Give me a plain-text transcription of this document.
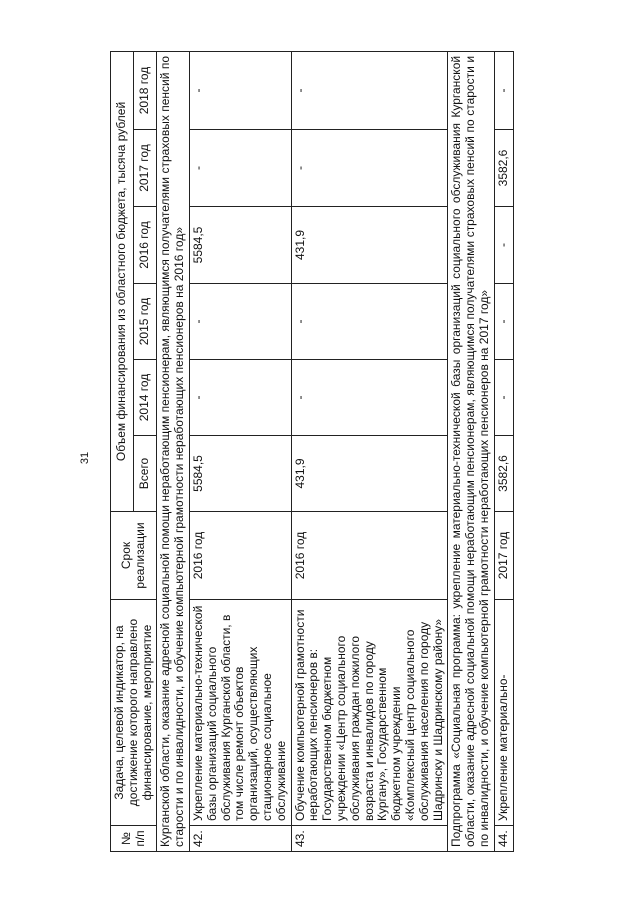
31
№ п/п	Задача, целевой индикатор, на достижение которого направлено финансирование, мероприятие	Срок реализации	Объем финансирования из областного бюджета, тысяча рублей					
			Всего	2014 год	2015 год	2016 год	2017 год	2018 год
Курганской области, оказание адресной социальной помощи неработающим пенсионерам, являющимся получателями страховых пенсий по старости и по инвалидности, и обучение компьютерной грамотности неработающих пенсионеров на 2016 год»								
42.	Укрепление материально-технической базы организаций социального обслуживания Курганской области, в том числе ремонт объектов организаций, осуществляющих стационарное социальное обслуживание	2016 год	5584,5	-	-	5584,5	-	-
43.	Обучение компьютерной грамотности неработающих пенсионеров в: Государственном бюджетном учреждении «Центр социального обслуживания граждан пожилого возраста и инвалидов по городу Кургану», Государственном бюджетном учреждении «Комплексный центр социального обслуживания населения по городу Шадринску и Шадринскому району»	2016 год	431,9	-	-	431,9	-	-
Подпрограмма «Социальная программа: укрепление материально-технической базы организаций социального обслуживания Курганской области, оказание адресной социальной помощи неработающим пенсионерам, являющимся получателями страховых пенсий по старости и по инвалидности, и обучение компьютерной грамотности неработающих пенсионеров на 2017 год»								
44.	Укрепление материально-	2017 год	3582,6	-	-	-	3582,6	-
